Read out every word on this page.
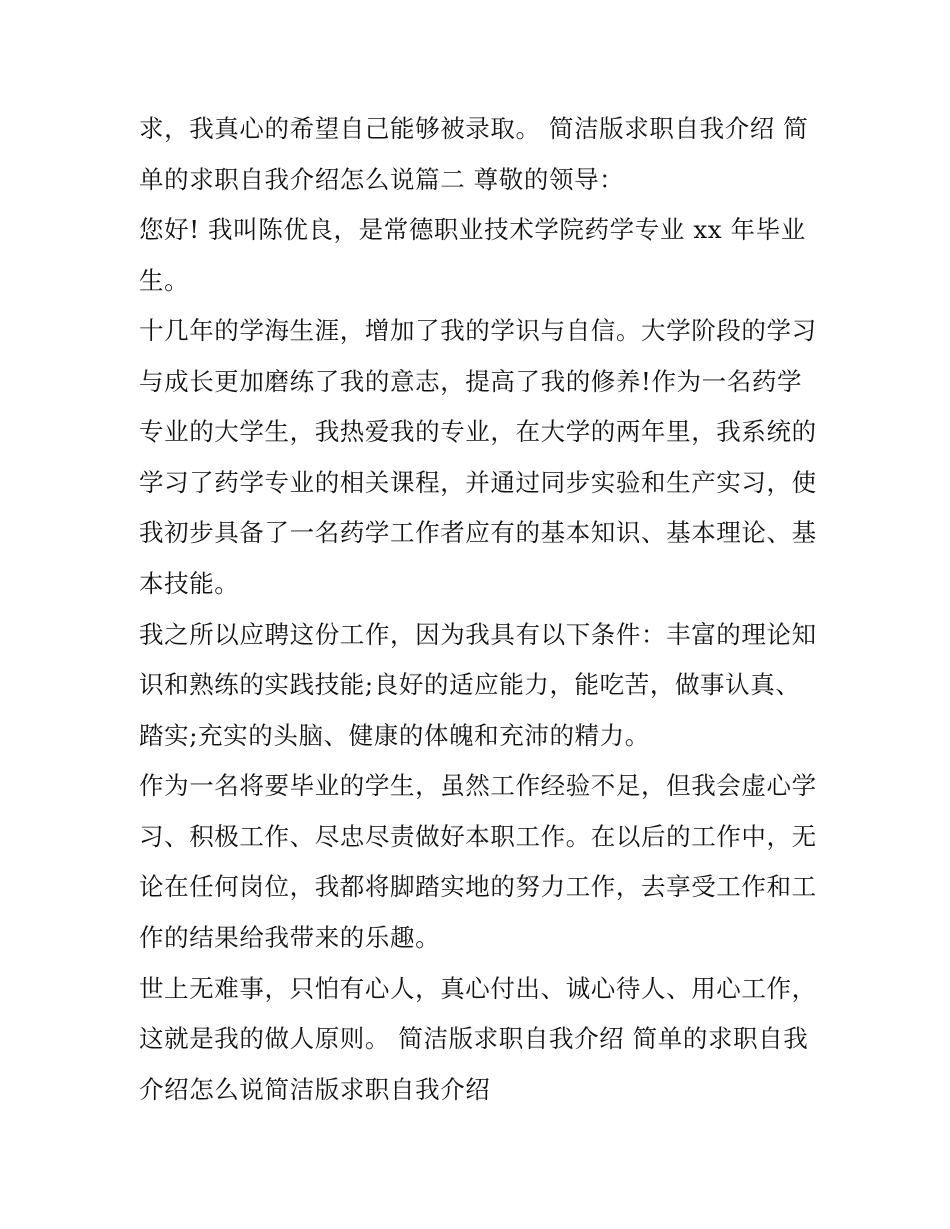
求，我真心的希望自己能够被录取。 简洁版求职自我介绍 简
单的求职自我介绍怎么说篇二 尊敬的领导：
您好! 我叫陈优良，是常德职业技术学院药学专业 xx 年毕业
生。
十几年的学海生涯，增加了我的学识与自信。大学阶段的学习
与成长更加磨练了我的意志，提高了我的修养!作为一名药学
专业的大学生，我热爱我的专业，在大学的两年里，我系统的
学习了药学专业的相关课程，并通过同步实验和生产实习，使
我初步具备了一名药学工作者应有的基本知识、基本理论、基
本技能。
我之所以应聘这份工作，因为我具有以下条件：丰富的理论知
识和熟练的实践技能;良好的适应能力，能吃苦，做事认真、
踏实;充实的头脑、健康的体魄和充沛的精力。
作为一名将要毕业的学生，虽然工作经验不足，但我会虚心学
习、积极工作、尽忠尽责做好本职工作。在以后的工作中，无
论在任何岗位，我都将脚踏实地的努力工作，去享受工作和工
作的结果给我带来的乐趣。
世上无难事，只怕有心人，真心付出、诚心待人、用心工作，
这就是我的做人原则。 简洁版求职自我介绍 简单的求职自我
介绍怎么说简洁版求职自我介绍
